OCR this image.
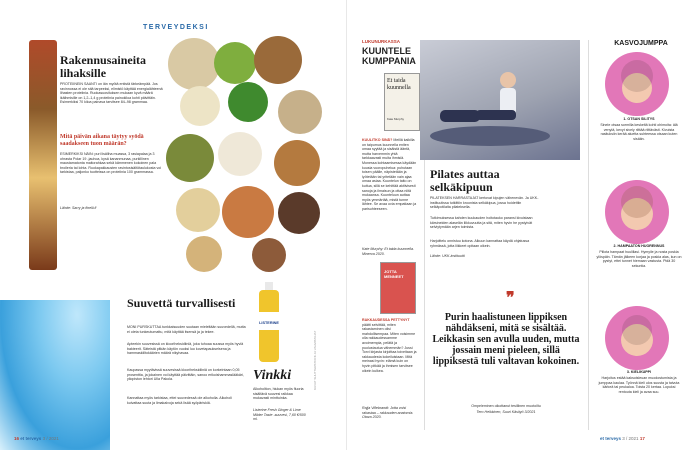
TERVEYDEKSI
Rakennusaineita lihaksille
PROTEIINEIN SAANTI on iän myötä entistä tärkeämpää. Jos ravinnossa ei ole sitä tarpeeksi, elimistö käyttää energialähteenä lihasten proteiinia. Ruokasuosituksen mukaan kyvä määrä ikäihmisille on 1,2–1,4 g proteiinia painokiloa kohti päivittäin. Esimerkiksi 70 kiloa painava tarvitsee 84–98 grammaa.
Mitä päivän aikana täytyy syödä saadakseen tuon määrän?
ESIMERKIKSI NÄIN: puri lisäliha muassa, 3 rasiapalaa ja 3 ohrasta Polar 19 -jauhoa, kysä kananmunaa, purkillinen maustamatonta maitorahkaa sekä kämmenen kokoinen pala broileria tai lohta. Ruokapakkausten ravintosisältötaulukosta voi tarkistaa, paljonko tuotteissa on proteiinia 100 grammassa.
Lähde: Sarry ja finelli.fi
Suuvettä turvallisesti
MONI PURSKUTTAA tunkkaisuuden suutaan mieleltään suuvedellä, mutta ei oleta tunkeutumattu, mitä käyttää itsensä ja ja tekee.
Apteekin suuvesissä on klooriheksidiiniä, joka tuhoaa suussa myös hyviä bakteerit. Säteistä pitkän käytön vuoksi luo kovetapaukselsena ja hammaskiiltokäärien määrä nikyhavaa.
Kaupassa myytävissä suuvesissä klooriheksidiiniä on korkeintaan 0,05 prosenttia, ja jokainen voi käyttää päivittäin, sanoo erikoishammaslääkäri, yliopiston lehtori Ulla Pakola.
Kannattaa myös tarkistaa, ettei suuvedessä ole alkoholia. Alkoholi kuivattaa suuta ja limakalvoja sekä lisää syöpäriskiä.
LISTERINE
Vinkki
Alkoholiton, hiukan myös fluoria sisältävä suuvesi raikkaa mukavasti minttuinka.
Listerine Fresh Ginger & Lime Milder Taste -suuvesi, 7,60 €/500 ml.
KUVAT SHUTTERSTOCK JA VALMISTAJAT
16 et terveys 3 / 2021
LUKUNURKASSA
KUUNTELE KUMPPANIA
Et taida kuunnella
Kate Murphy
KUULITKO SINÄ? Meillä kaikilla on taipumus kuunnella eniten omaa syytää ja sisäistä ääntä, mutta harvemmin yhtä tarkkaavasti muita ihmisiä. Monessa kohtaamisessa käydään kuusia vuoropuhelua: puhutaan toisen päälle, näpistetään ja lyötetään tai yritetään vain ajaa omaa asiaa. Kuuntelun taito on kuitua, sillä se kehittää aktiivisesti sanoja ja ilmaisun ja ottaa niitä mukaansa. Kuunteluun auttaa myös ymmärtää, mistä tunne lähtee. Se avaa ovia empatiaan ja parisuhteeseen.
Kate Murphy: Et taida kuunnella. Minerva 2020.
JOTTA MENNEET
RAKKAUDESSA PETTYNYT päätti selvittää, miten rakastaminen olisi mahdollisempaa. Miten voisimme olla rakkaudessamme avoimempia, pelätä ja puolustautua vähemmän? Jussi Torvi kirjasta kirjoittaa toiveitaan ja rakkaudesta kokeiluistaan. Mitä meinasi hyvin: elämä kuin on hyvin pitkää ja ihmisen tarvitsee oikein kulkea.
Rajja Villebrandt: Jotta voisi rakastaa – rakkauden anatomia. Otava 2020.
Pilates auttaa selkäkipuun
PILATEKSEN HARRASTAJAT kertovat kipujen vähenevän. Ja UKK-instituutissa tutkittiin kroonista selkäkipua, jossa hoidettiin selkäpotilaita pilateksella.
Tutkimuksessa kahden kuukauden hoitotauko paransi kivuistaan kärsineiden alaselän liikkuvuutta ja sitä, miten hyvin he pystyivät selviytymään arjen toimista.
Harjoittelu onnistuu kotona. Alkuun kannattaa käydä ohjatussa ryhmässä, jotta liikkeet opitaan oikein.
Lähde: UKK-instituutti
❞
Purin haalistuneen lippiksen nähdäkseni, mitä se sisältää. Leikkasin sen avulla uuden, mutta jossain meni pieleen, sillä lippiksestä tuli valtavan kokoinen.
Ompeleminen oikottanut tesillinen muotoiltu
Tero Heikkinen, Suuri Käsityö 3/2021
KASVOJUMPPA
1. OTSAN SILITYS
Sinele otsaa sormilla keskeltä kohti ohimoita: älä venytä, kevyt sively riittää riittävästi. Kivuista rasituksiin kerää aluetta suhteessa otsaan kuten sisään.
2. HAMPAATON HUORENNUS
Piilota hampaat huulillasi. Hymyile ja nosta poskia ylöspäin. Tämän jälkeen korjaa ja poskia alas, kun on pystyt, ettei tunnet hiemaan vastusta. Pidä 30 sekuntia.
3. KIELIKUPPI
Harjoitus estää kaksoisleuan muodostumista ja jumppaa kaulaa. Työnnä kieli ulos suusta ja taivuta kärkeä tai peukaloa. Toista 20 kertaa. Lopuksi rentouta kieli ja avaa suu.
et terveys 3 / 2021 17
